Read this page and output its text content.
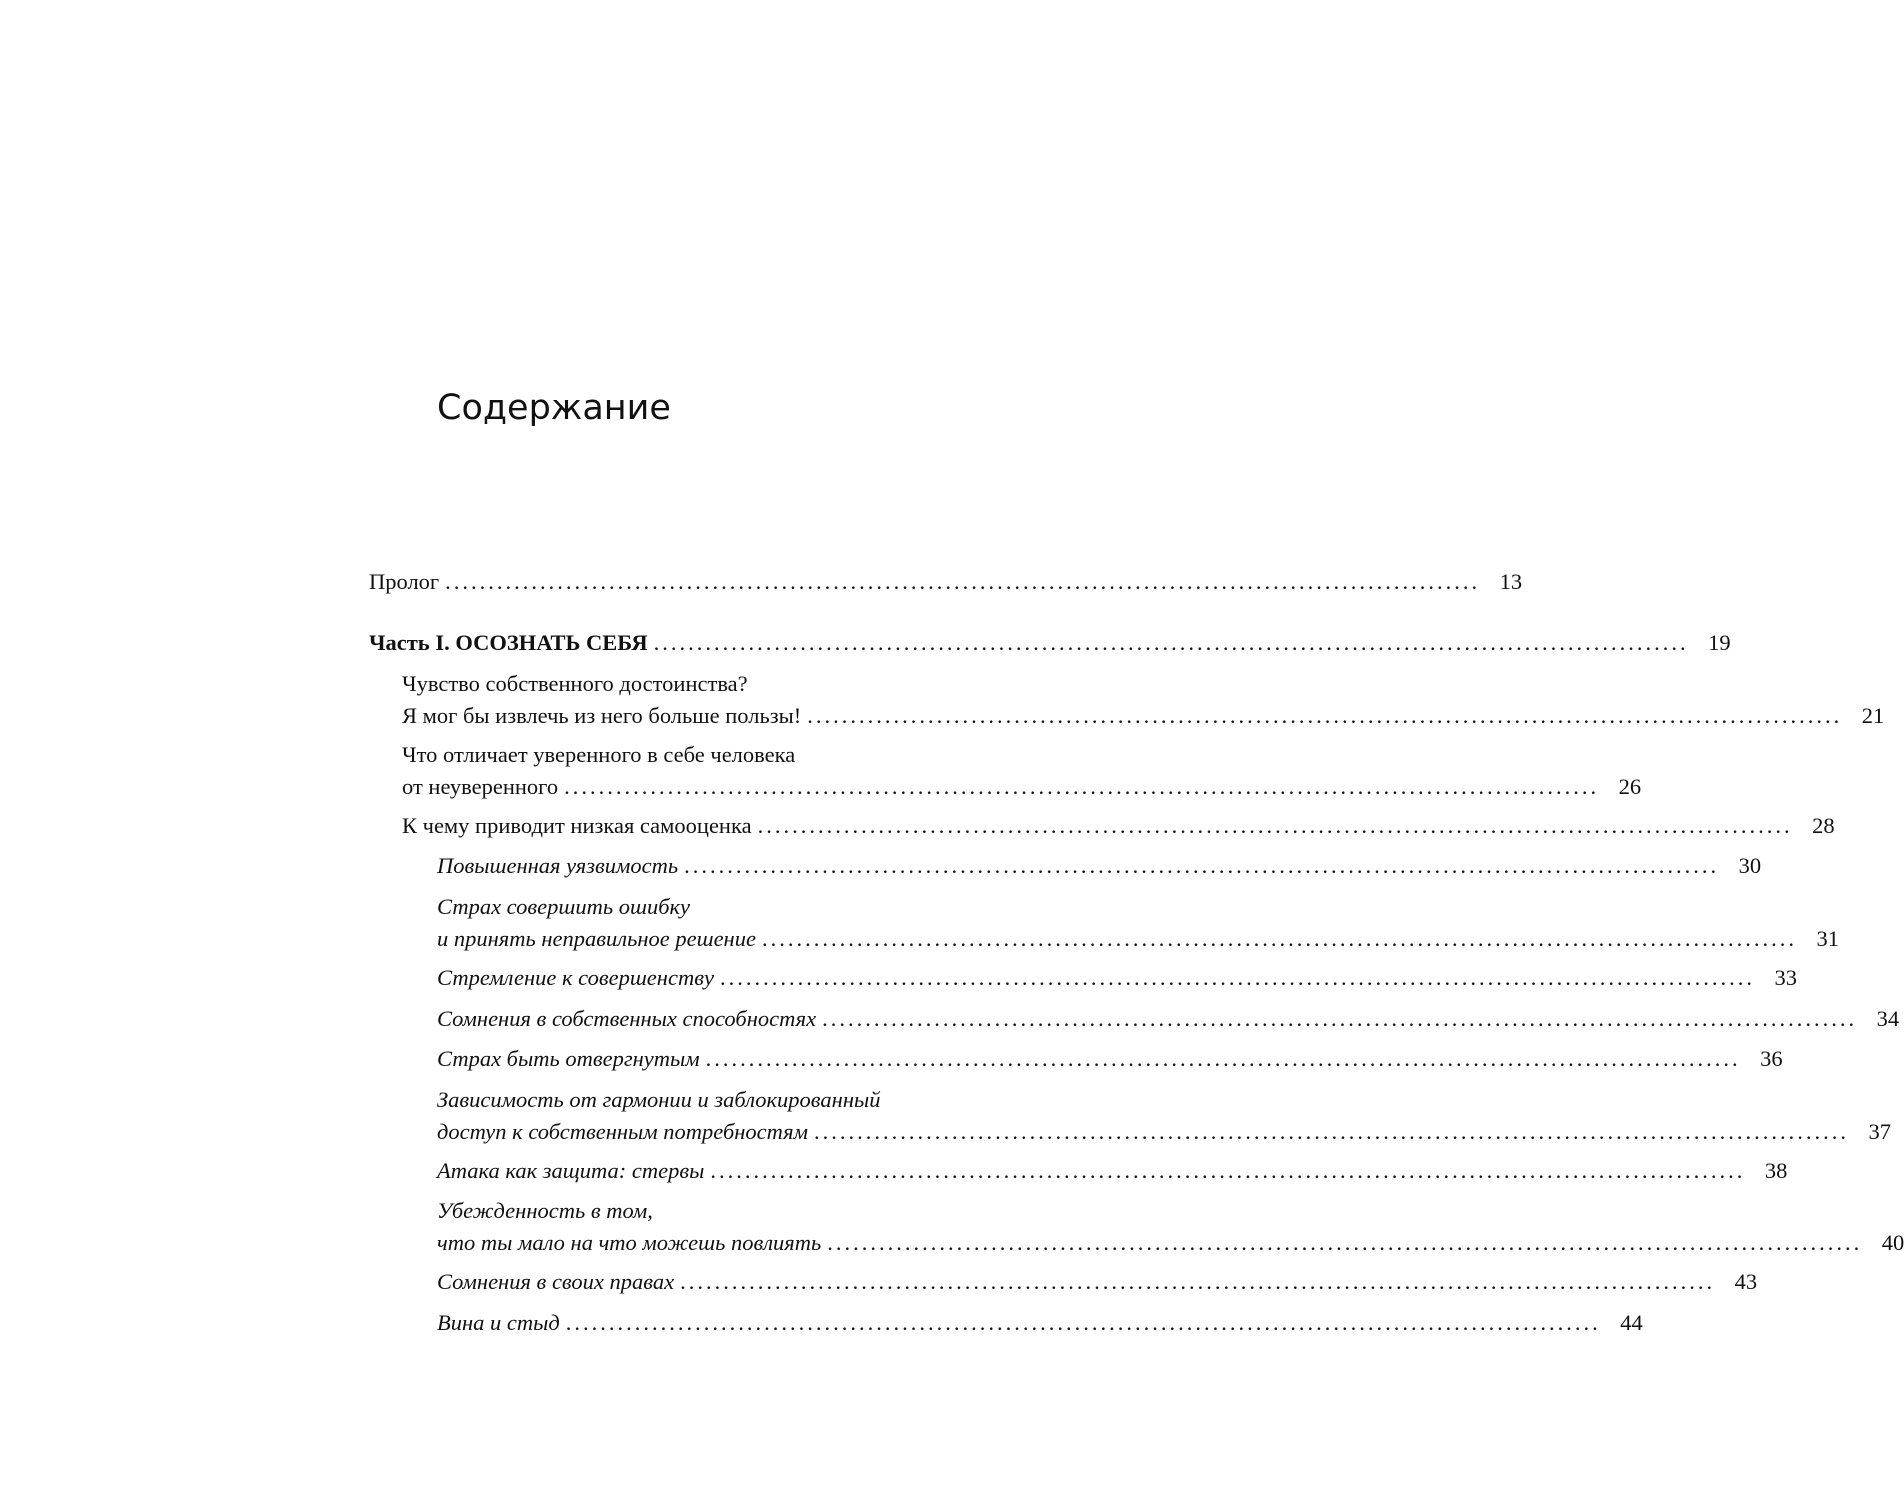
Содержание
Пролог ........................................................................................................................ 13
Часть I. ОСОЗНАТЬ СЕБЯ ........................................................................................................................ 19
Чувство собственного достоинства?
Я мог бы извлечь из него больше пользы! ........................................................................................................................ 21
Что отличает уверенного в себе человека
от неуверенного ........................................................................................................................ 26
К чему приводит низкая самооценка ........................................................................................................................ 28
Повышенная уязвимость ........................................................................................................................ 30
Страх совершить ошибку
и принять неправильное решение ........................................................................................................................ 31
Стремление к совершенству ........................................................................................................................ 33
Сомнения в собственных способностях ........................................................................................................................ 34
Страх быть отвергнутым ........................................................................................................................ 36
Зависимость от гармонии и заблокированный
доступ к собственным потребностям ........................................................................................................................ 37
Атака как защита: стервы ........................................................................................................................ 38
Убежденность в том,
что ты мало на что можешь повлиять ........................................................................................................................ 40
Сомнения в своих правах ........................................................................................................................ 43
Вина и стыд ........................................................................................................................ 44
